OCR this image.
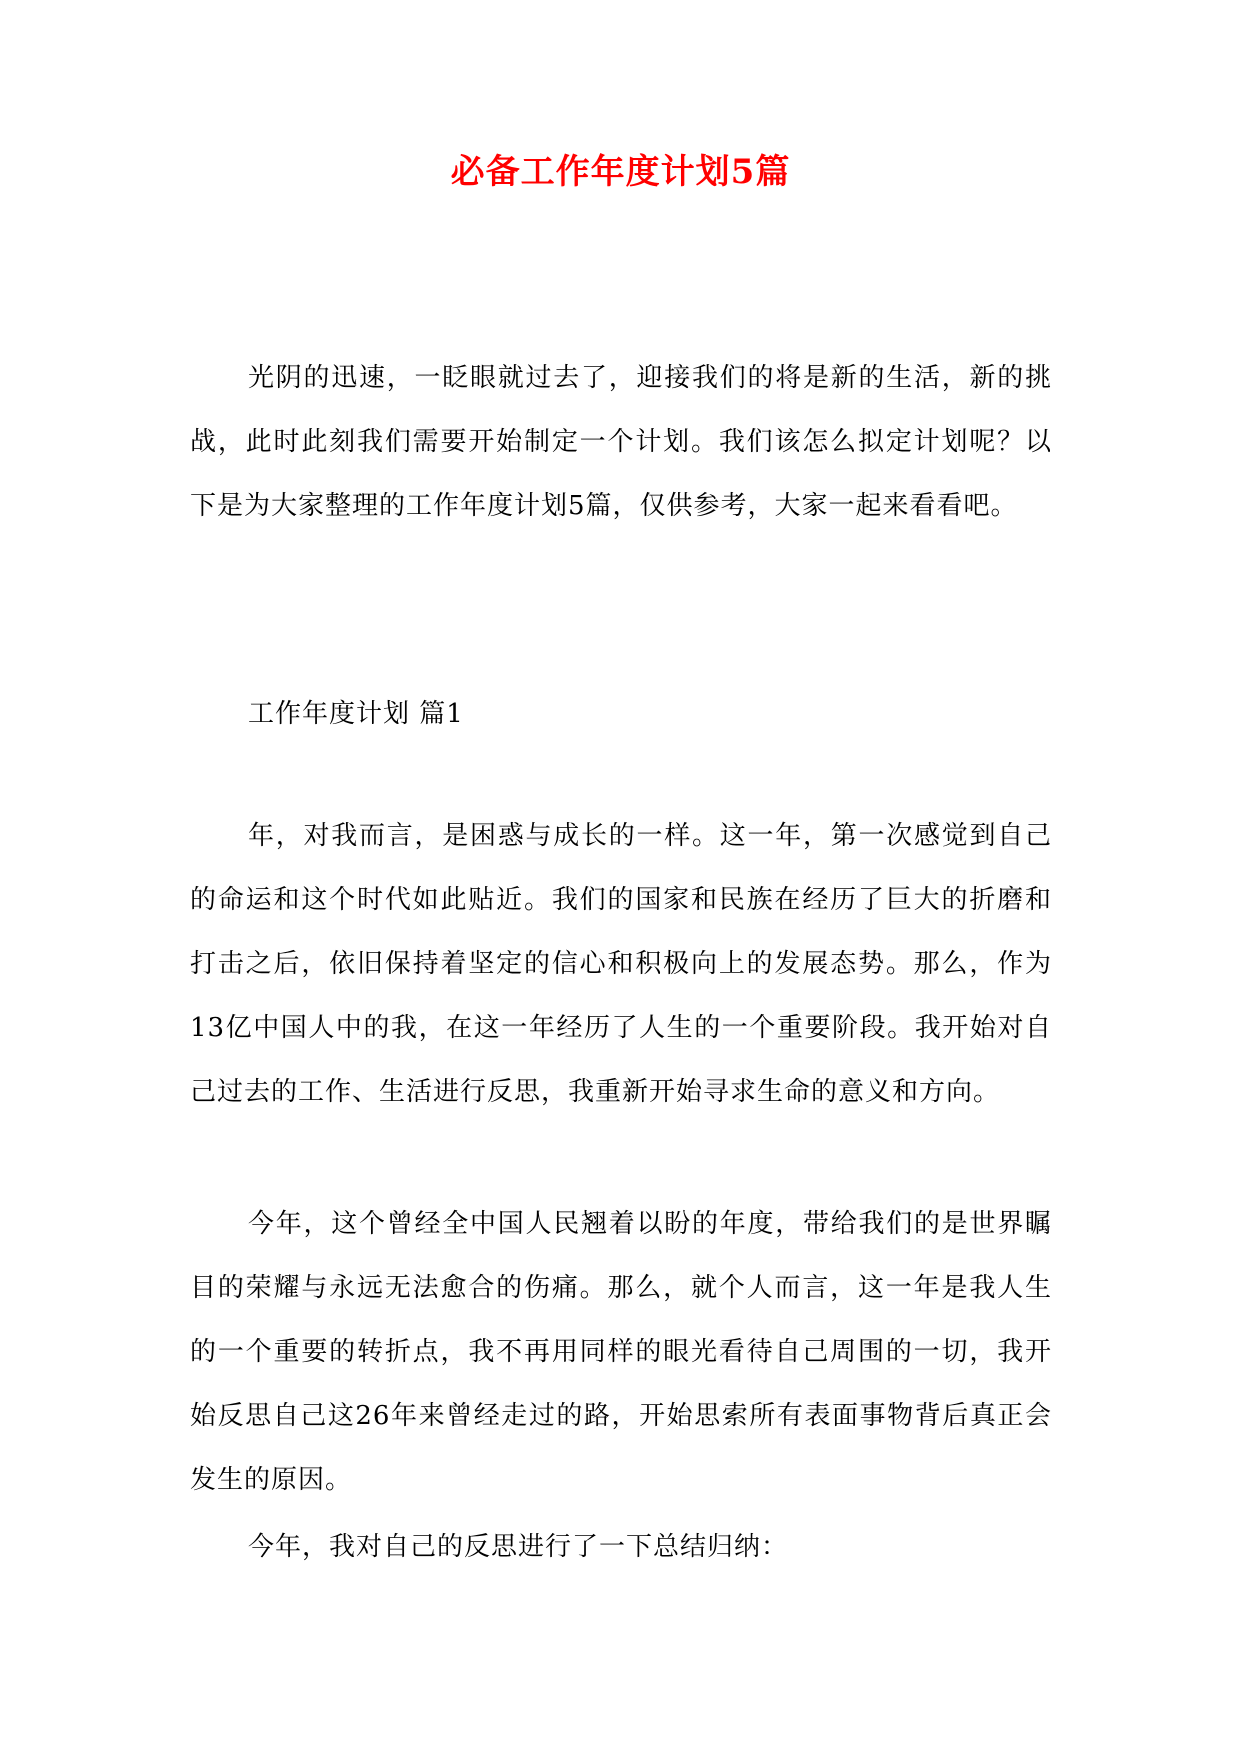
必备工作年度计划5篇

光阴的迅速，一眨眼就过去了，迎接我们的将是新的生活，新的挑战，此时此刻我们需要开始制定一个计划。我们该怎么拟定计划呢？以下是为大家整理的工作年度计划5篇，仅供参考，大家一起来看看吧。

工作年度计划 篇1

年，对我而言，是困惑与成长的一样。这一年，第一次感觉到自己的命运和这个时代如此贴近。我们的国家和民族在经历了巨大的折磨和打击之后，依旧保持着坚定的信心和积极向上的发展态势。那么，作为13亿中国人中的我，在这一年经历了人生的一个重要阶段。我开始对自己过去的工作、生活进行反思，我重新开始寻求生命的意义和方向。

今年，这个曾经全中国人民翘着以盼的年度，带给我们的是世界瞩目的荣耀与永远无法愈合的伤痛。那么，就个人而言，这一年是我人生的一个重要的转折点，我不再用同样的眼光看待自己周围的一切，我开始反思自己这26年来曾经走过的路，开始思索所有表面事物背后真正会发生的原因。

今年，我对自己的反思进行了一下总结归纳：
